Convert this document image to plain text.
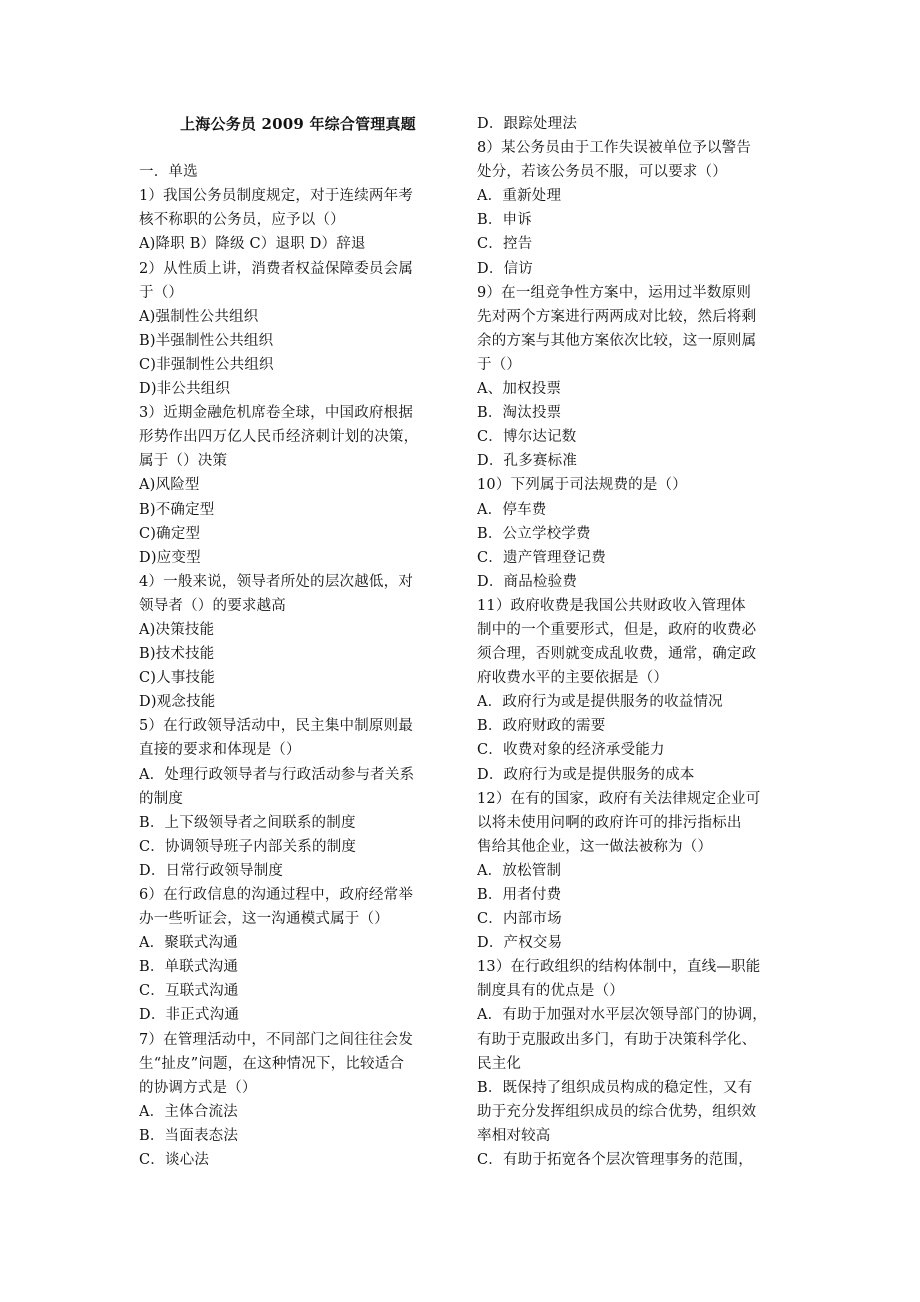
上海公务员 2009 年综合管理真题
一．单选
1）我国公务员制度规定，对于连续两年考
核不称职的公务员，应予以（）
A)降职 B）降级 C）退职 D）辞退
2）从性质上讲，消费者权益保障委员会属
于（）
A)强制性公共组织
B)半强制性公共组织
C)非强制性公共组织
D)非公共组织
3）近期金融危机席卷全球，中国政府根据
形势作出四万亿人民币经济刺计划的决策，
属于（）决策
A)风险型
B)不确定型
C)确定型
D)应变型
4）一般来说，领导者所处的层次越低，对
领导者（）的要求越高
A)决策技能
B)技术技能
C)人事技能
D)观念技能
5）在行政领导活动中，民主集中制原则最
直接的要求和体现是（）
A．处理行政领导者与行政活动参与者关系
的制度
B．上下级领导者之间联系的制度
C．协调领导班子内部关系的制度
D．日常行政领导制度
6）在行政信息的沟通过程中，政府经常举
办一些听证会，这一沟通模式属于（）
A．聚联式沟通
B．单联式沟通
C．互联式沟通
D．非正式沟通
7）在管理活动中，不同部门之间往往会发
生“扯皮”问题，在这种情况下，比较适合
的协调方式是（）
A．主体合流法
B．当面表态法
C．谈心法
D．跟踪处理法
8）某公务员由于工作失误被单位予以警告
处分，若该公务员不服，可以要求（）
A．重新处理
B．申诉
C．控告
D．信访
9）在一组竞争性方案中，运用过半数原则
先对两个方案进行两两成对比较，然后将剩
余的方案与其他方案依次比较，这一原则属
于（）
A、加权投票
B．淘汰投票
C．博尔达记数
D．孔多赛标准
10）下列属于司法规费的是（）
A．停车费
B．公立学校学费
C．遗产管理登记费
D．商品检验费
11）政府收费是我国公共财政收入管理体
制中的一个重要形式，但是，政府的收费必
须合理，否则就变成乱收费，通常，确定政
府收费水平的主要依据是（）
A．政府行为或是提供服务的收益情况
B．政府财政的需要
C．收费对象的经济承受能力
D．政府行为或是提供服务的成本
12）在有的国家，政府有关法律规定企业可
以将未使用问啊的政府许可的排污指标出
售给其他企业，这一做法被称为（）
A．放松管制
B．用者付费
C．内部市场
D．产权交易
13）在行政组织的结构体制中，直线—职能
制度具有的优点是（）
A．有助于加强对水平层次领导部门的协调，
有助于克服政出多门，有助于决策科学化、
民主化
B．既保持了组织成员构成的稳定性，又有
助于充分发挥组织成员的综合优势，组织效
率相对较高
C．有助于拓宽各个层次管理事务的范围，
